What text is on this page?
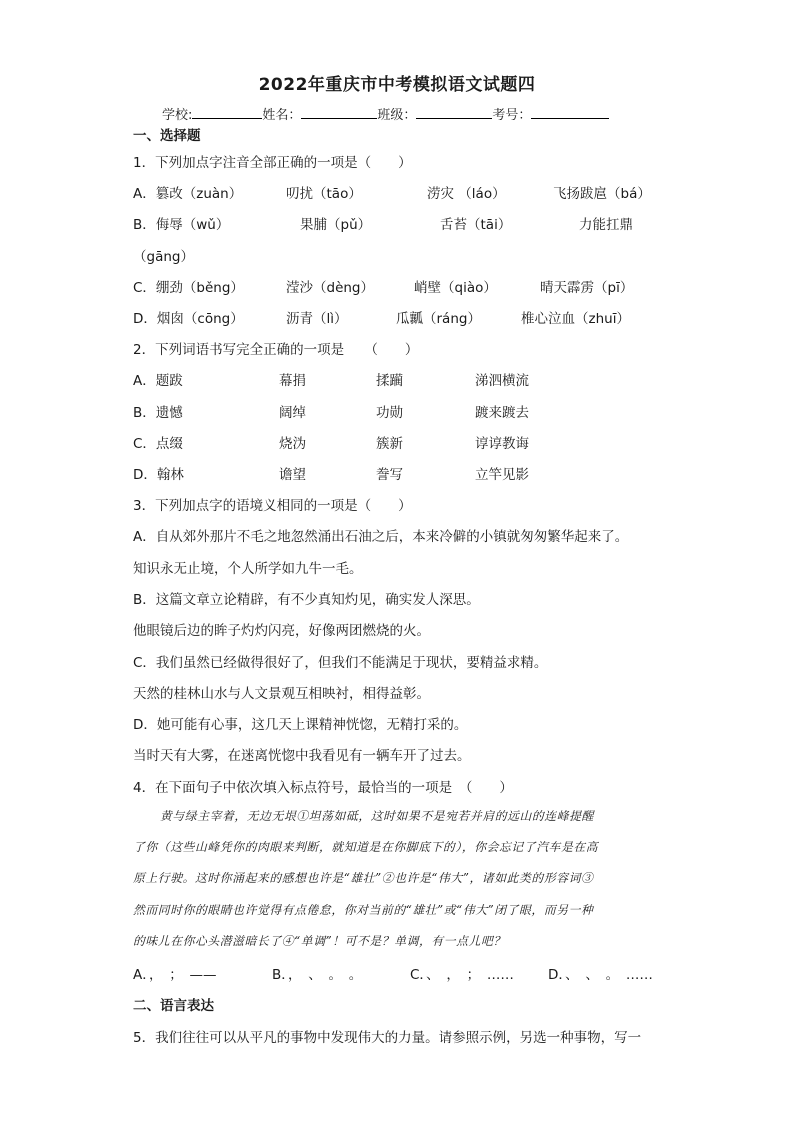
2022年重庆市中考模拟语文试题四
学校:	姓名：	班级：	考号：
一、选择题
1．下列加点字注音全部正确的一项是（　　）
A．篡改（zuàn）	叨扰（tāo）	涝灾 （láo）	飞扬跋扈（bá）
B．侮辱（wǔ）	果脯（pǔ）	舌苔（tāi）	力能扛鼎
（gāng）
C．绷劲（běng）	滢沙（dèng）	峭壁（qiào）	晴天霹雳（pī）
D．烟囱（cōng）	沥青（lì）	瓜瓤（ráng）	椎心泣血（zhuī）
2．下列词语书写完全正确的一项是　　（　　）
A．题跋	幕捐	揉躏	涕泗横流
B．遗憾	阔绰	功勋	踱来踱去
C．点缀	烧沩	簇新	谆谆教诲
D．翰林	谵望	誊写	立竿见影
3．下列加点字的语境义相同的一项是（　　）
A．自从郊外那片不毛之地忽然涌出石油之后，本来冷僻的小镇就匆匆繁华起来了。
知识永无止境，个人所学如九牛一毛。
B．这篇文章立论精辟，有不少真知灼见，确实发人深思。
他眼镜后边的眸子灼灼闪亮，好像两团燃烧的火。
C．我们虽然已经做得很好了，但我们不能满足于现状，要精益求精。
天然的桂林山水与人文景观互相映衬，相得益彰。
D．她可能有心事，这几天上课精神恍惚，无精打采的。
当时天有大雾，在迷离恍惚中我看见有一辆车开了过去。
4．在下面句子中依次填入标点符号，最恰当的一项是　（　　）
黄与绿主宰着，无边无垠①坦荡如砥，这时如果不是宛若并肩的远山的连峰提醒
了你（这些山峰凭你的肉眼来判断，就知道是在你脚底下的），你会忘记了汽车是在高
原上行驶。这时你涌起来的感想也许是“雄壮”②也许是“伟大”，诸如此类的形容词③
然而同时你的眼睛也许觉得有点倦怠，你对当前的“雄壮”或“伟大”闭了眼，而另一种
的味儿在你心头潜滋暗长了④“单调”！可不是？单调，有一点儿吧？
A．，　；　——	B．，　、　。　。	C．、　，　；　……	D．、　、　。　……
二、语言表达
5．我们往往可以从平凡的事物中发现伟大的力量。请参照示例，另选一种事物，写一
